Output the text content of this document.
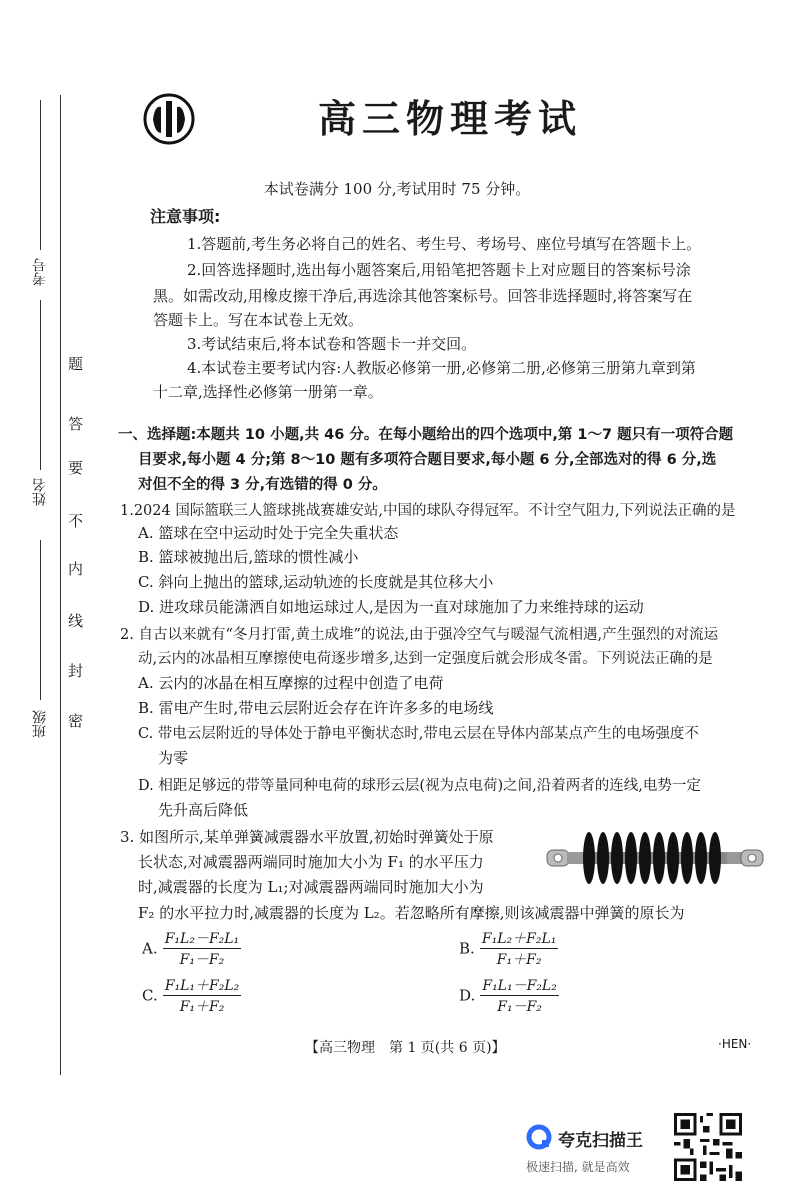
考号
姓名
班级
题
答
要
不
内
线
封
密
高三物理考试
本试卷满分 100 分,考试用时 75 分钟。
注意事项:
1.答题前,考生务必将自己的姓名、考生号、考场号、座位号填写在答题卡上。
2.回答选择题时,选出每小题答案后,用铅笔把答题卡上对应题目的答案标号涂
黑。如需改动,用橡皮擦干净后,再选涂其他答案标号。回答非选择题时,将答案写在
答题卡上。写在本试卷上无效。
3.考试结束后,将本试卷和答题卡一并交回。
4.本试卷主要考试内容:人教版必修第一册,必修第二册,必修第三册第九章到第
十二章,选择性必修第一册第一章。
一、选择题:本题共 10 小题,共 46 分。在每小题给出的四个选项中,第 1～7 题只有一项符合题
目要求,每小题 4 分;第 8～10 题有多项符合题目要求,每小题 6 分,全部选对的得 6 分,选
对但不全的得 3 分,有选错的得 0 分。
1.2024 国际篮联三人篮球挑战赛雄安站,中国的球队夺得冠军。不计空气阻力,下列说法正确的是
A. 篮球在空中运动时处于完全失重状态
B. 篮球被抛出后,篮球的惯性减小
C. 斜向上抛出的篮球,运动轨迹的长度就是其位移大小
D. 进攻球员能潇洒自如地运球过人,是因为一直对球施加了力来维持球的运动
2. 自古以来就有“冬月打雷,黄土成堆”的说法,由于强冷空气与暖湿气流相遇,产生强烈的对流运
动,云内的冰晶相互摩擦使电荷逐步增多,达到一定强度后就会形成冬雷。下列说法正确的是
A. 云内的冰晶在相互摩擦的过程中创造了电荷
B. 雷电产生时,带电云层附近会存在许许多多的电场线
C. 带电云层附近的导体处于静电平衡状态时,带电云层在导体内部某点产生的电场强度不
为零
D. 相距足够远的带等量同种电荷的球形云层(视为点电荷)之间,沿着两者的连线,电势一定
先升高后降低
3. 如图所示,某单弹簧减震器水平放置,初始时弹簧处于原
长状态,对减震器两端同时施加大小为 F₁ 的水平压力
时,减震器的长度为 L₁;对减震器两端同时施加大小为
F₂ 的水平拉力时,减震器的长度为 L₂。若忽略所有摩擦,则该减震器中弹簧的原长为
A. $\frac{\text{F₁L₂－F₂L₁}}{\text{F₁－F₂}}$	B. $\frac{\text{F₁L₂＋F₂L₁}}{\text{F₁＋F₂}}$
C. $\frac{\text{F₁L₁＋F₂L₂}}{\text{F₁＋F₂}}$	D. $\frac{\text{F₁L₁－F₂L₂}}{\text{F₁－F₂}}$
【高三物理　第 1 页(共 6 页)】	·HEN·
夸克扫描王
极速扫描, 就是高效
